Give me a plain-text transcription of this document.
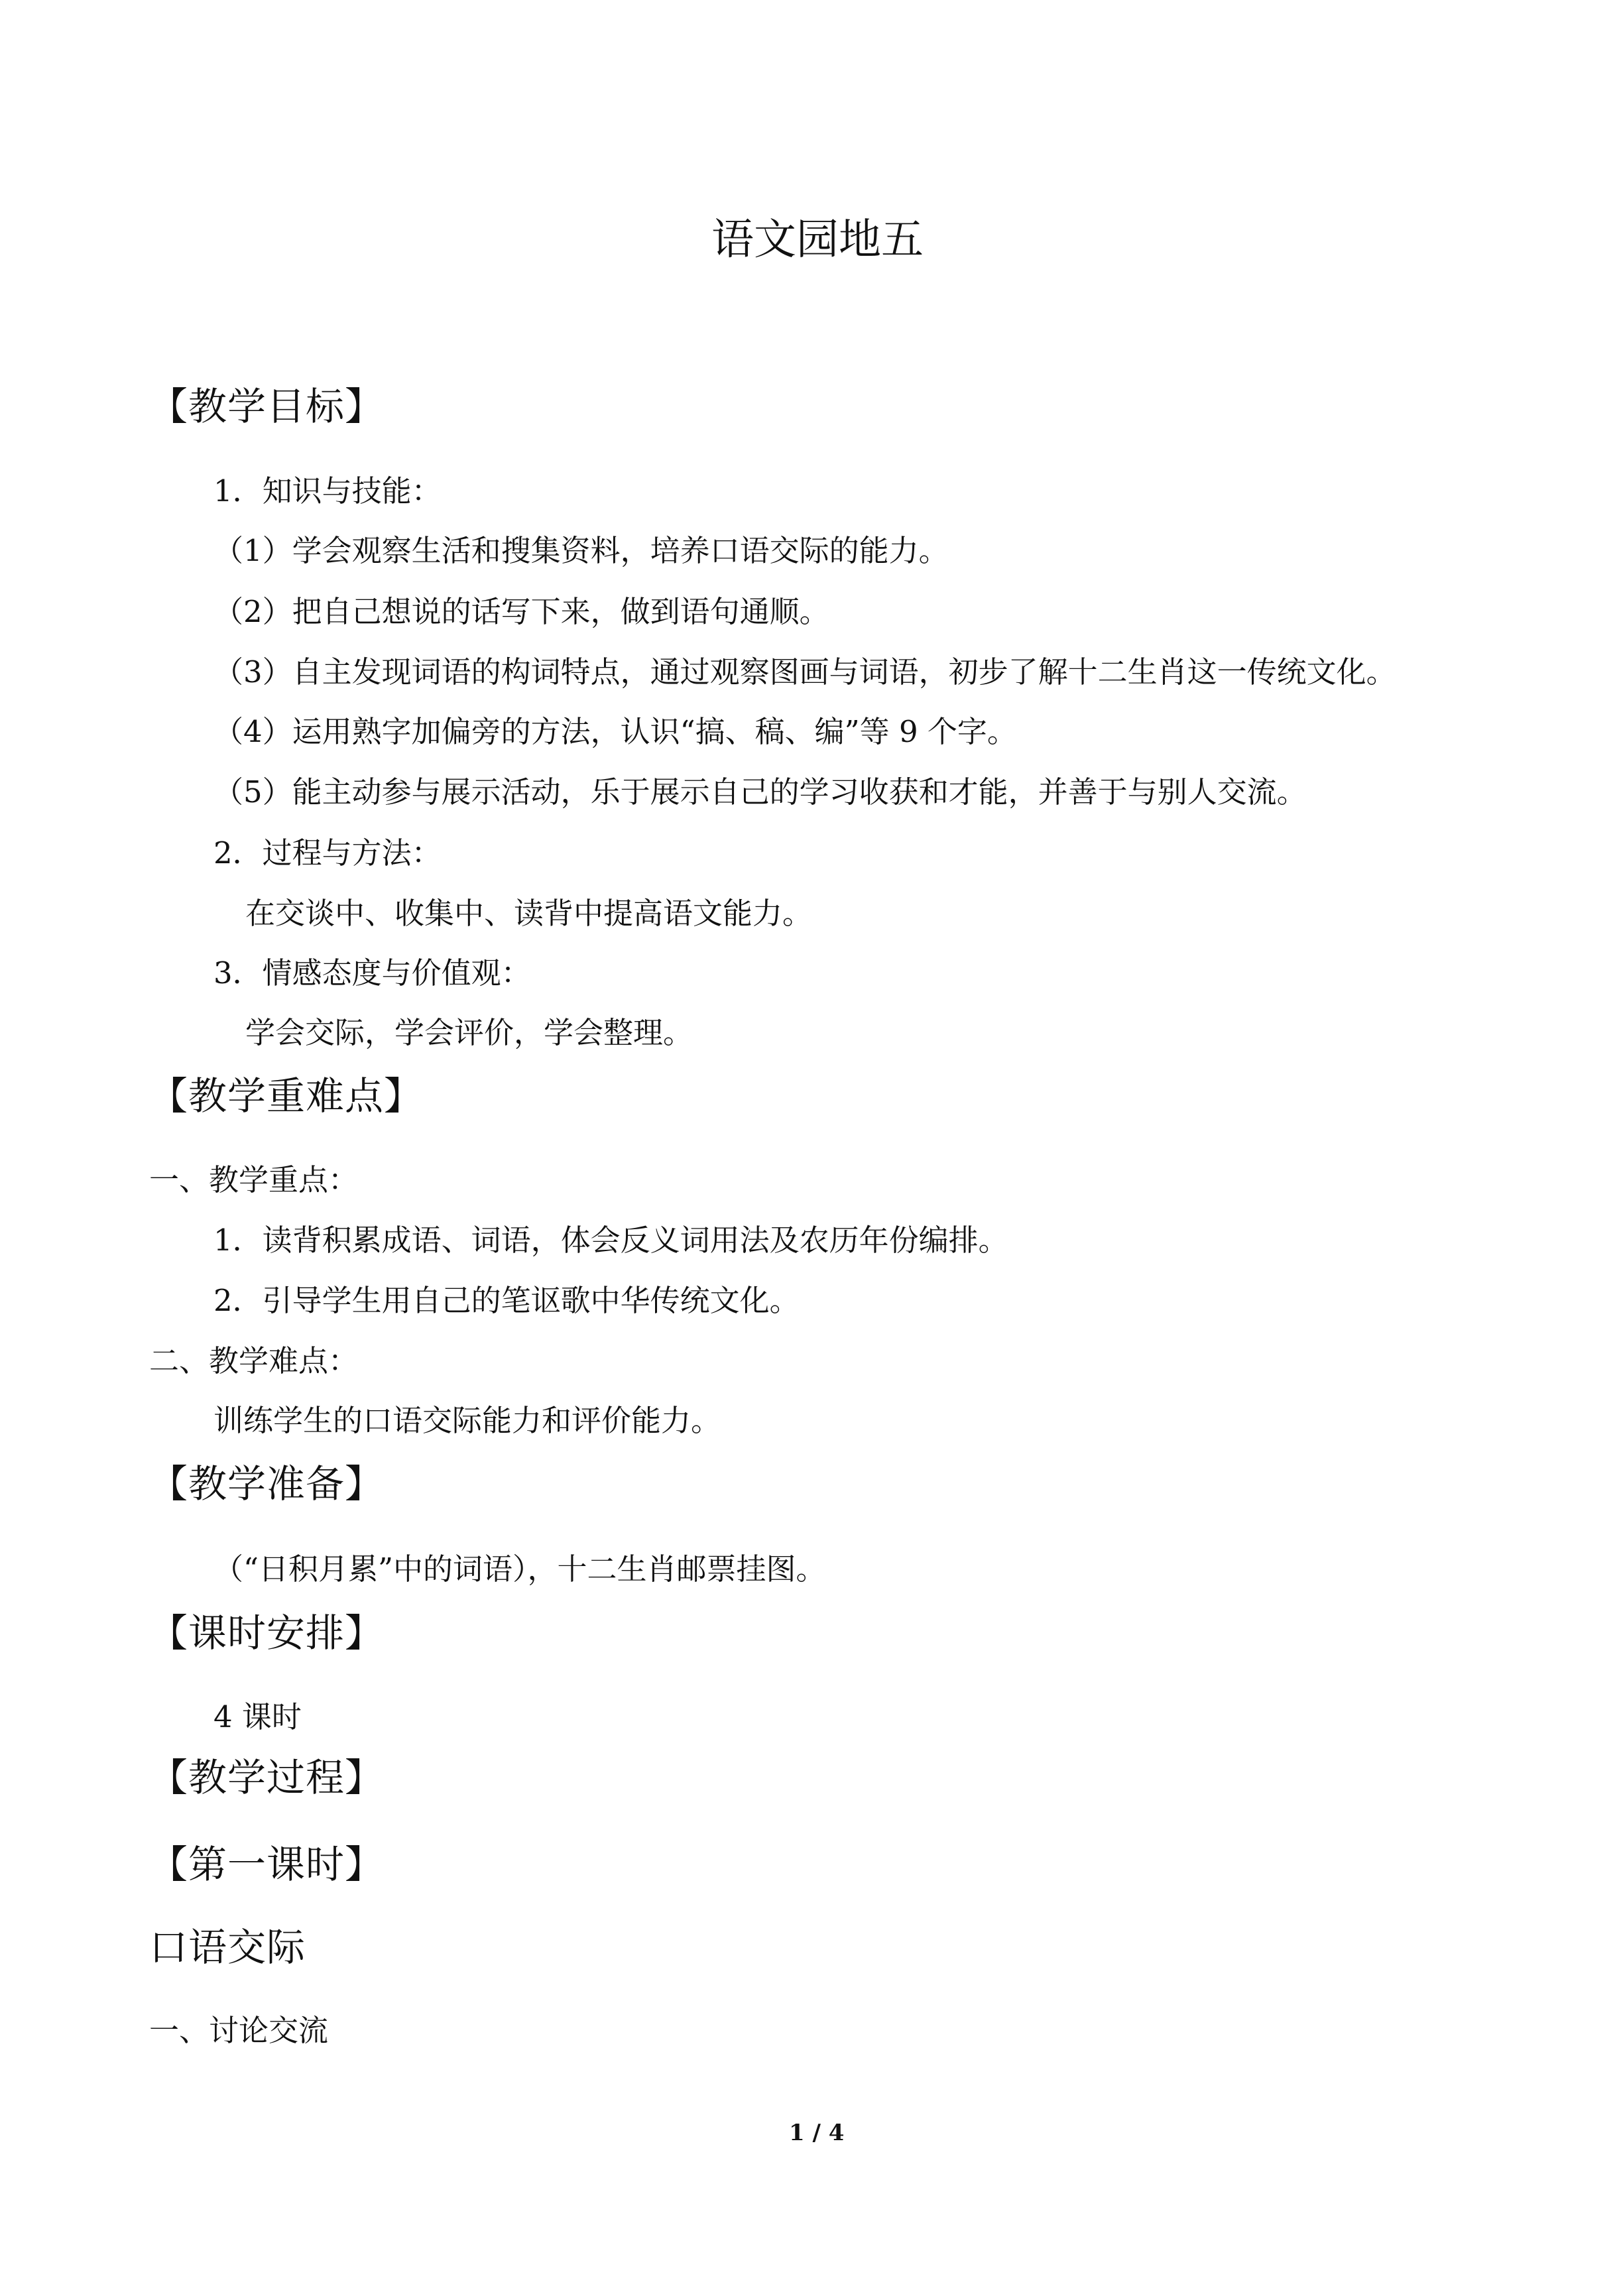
语文园地五
【教学目标】
1．知识与技能：
（1）学会观察生活和搜集资料，培养口语交际的能力。
（2）把自己想说的话写下来，做到语句通顺。
（3）自主发现词语的构词特点，通过观察图画与词语，初步了解十二生肖这一传统文化。
（4）运用熟字加偏旁的方法，认识“搞、稿、编”等 9 个字。
（5）能主动参与展示活动，乐于展示自己的学习收获和才能，并善于与别人交流。
2．过程与方法：
在交谈中、收集中、读背中提高语文能力。
3．情感态度与价值观：
学会交际，学会评价，学会整理。
【教学重难点】
一、教学重点：
1．读背积累成语、词语，体会反义词用法及农历年份编排。
2．引导学生用自己的笔讴歌中华传统文化。
二、教学难点：
训练学生的口语交际能力和评价能力。
【教学准备】
（“日积月累”中的词语），十二生肖邮票挂图。
【课时安排】
4 课时
【教学过程】
【第一课时】
口语交际
一、讨论交流
1 / 4
